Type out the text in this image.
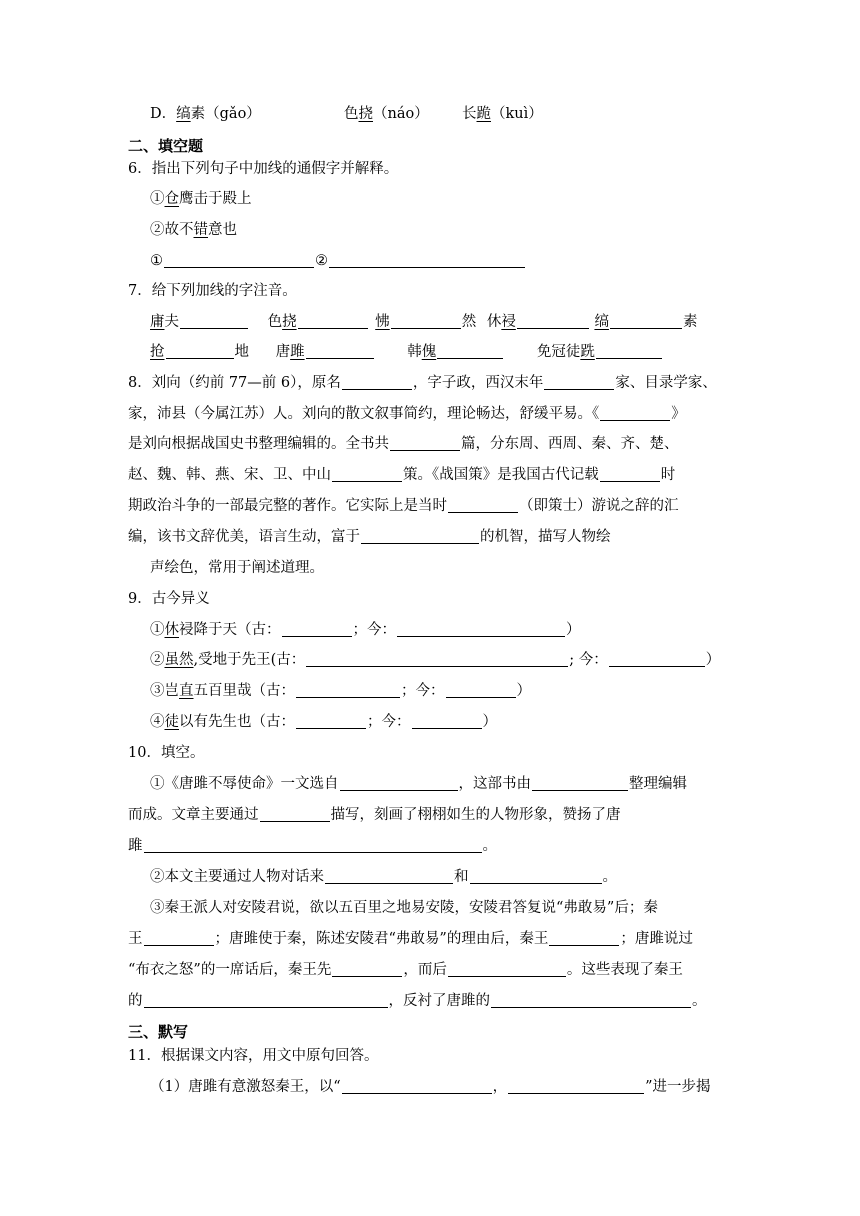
D．缟素（gǎo）	色挠（náo） 长跪（kuì）
二、填空题
6．指出下列句子中加线的通假字并解释。
①仓鹰击于殿上
②故不错意也
①	②
7．给下列加线的字注音。
庸夫	色挠	怫	然 休祲	缟	素
抢	地 唐雎	韩傀	免冠徒跣
8．刘向（约前 77—前 6），原名	，字子政，西汉末年	家、目录学家、
家，沛县（今属江苏）人。刘向的散文叙事简约，理论畅达，舒缓平易。《	》
是刘向根据战国史书整理编辑的。全书共	篇，分东周、西周、秦、齐、楚、
赵、魏、韩、燕、宋、卫、中山	策。《战国策》是我国古代记载	时
期政治斗争的一部最完整的著作。它实际上是当时	（即策士）游说之辞的汇
编，该书文辞优美，语言生动，富于	的机智，描写人物绘
声绘色，常用于阐述道理。
9．古今异义
①休祲降于天（古：	；今：	）
②虽然,受地于先王(古：	; 今：	）
③岂直五百里哉（古：	；今：	）
④徒以有先生也（古：	；今：	）
10．填空。
①《唐雎不辱使命》一文选自	，这部书由	整理编辑
而成。文章主要通过	描写，刻画了栩栩如生的人物形象，赞扬了唐
雎	。
②本文主要通过人物对话来	和	。
③秦王派人对安陵君说，欲以五百里之地易安陵，安陵君答复说“弗敢易”后；秦
王	；唐雎使于秦，陈述安陵君“弗敢易”的理由后，秦王	；唐雎说过
“布衣之怒”的一席话后，秦王先	，而后	。这些表现了秦王
的	，反衬了唐雎的	。
三、默写
11．根据课文内容，用文中原句回答。
（1）唐雎有意激怒秦王，以“	，	”进一步揭
